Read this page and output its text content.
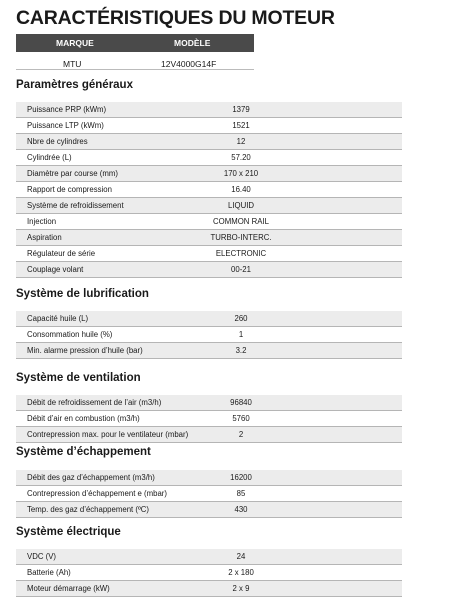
CARACTÉRISTIQUES DU MOTEUR
MARQUE	MODÈLE
MTU	12V4000G14F
Paramètres généraux
Puissance PRP (kWm)	1379
Puissance LTP (kWm)	1521
Nbre de cylindres	12
Cylindrée (L)	57.20
Diamètre par course (mm)	170 x 210
Rapport de compression	16.40
Système de refroidissement	LIQUID
Injection	COMMON RAIL
Aspiration	TURBO-INTERC.
Régulateur de série	ELECTRONIC
Couplage volant	00-21
Système de lubrification
Capacité huile (L)	260
Consommation huile (%)	1
Min. alarme pression d’huile (bar)	3.2
Système de ventilation
Débit de refroidissement de l’air (m3/h)	96840
Débit d’air en combustion (m3/h)	5760
Contrepression max. pour le ventilateur (mbar)	2
Système d’échappement
Débit des gaz d’échappement (m3/h)	16200
Contrepression d’échappement e (mbar)	85
Temp. des gaz d’échappement (ºC)	430
Système électrique
VDC (V)	24
Batterie (Ah)	2 x 180
Moteur démarrage (kW)	2 x 9
